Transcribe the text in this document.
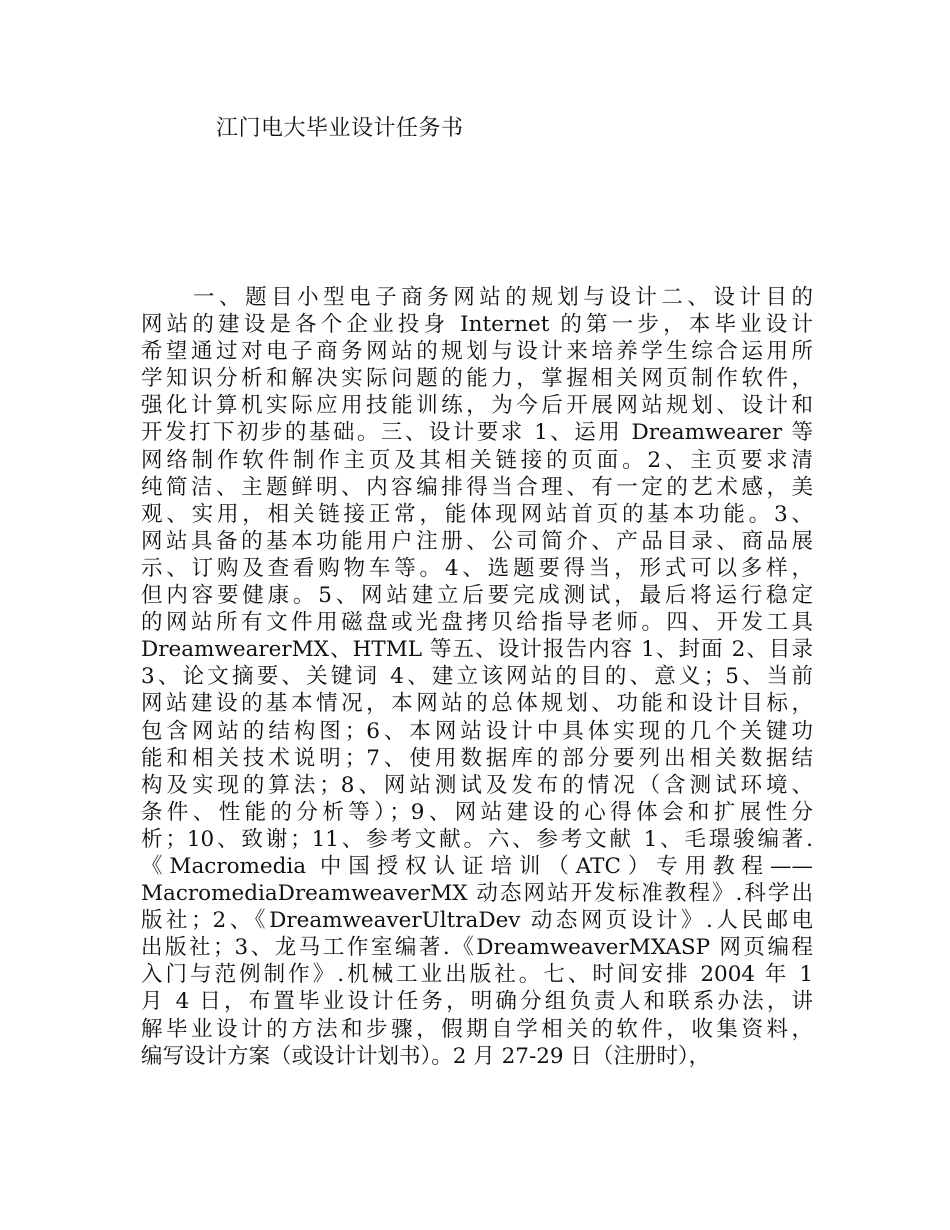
江门电大毕业设计任务书
　　一、题目小型电子商务网站的规划与设计二、设计目的
网站的建设是各个企业投身 Internet 的第一步，本毕业设计
希望通过对电子商务网站的规划与设计来培养学生综合运用所
学知识分析和解决实际问题的能力，掌握相关网页制作软件，
强化计算机实际应用技能训练，为今后开展网站规划、设计和
开发打下初步的基础。三、设计要求 1、运用 Dreamwearer 等
网络制作软件制作主页及其相关链接的页面。2、主页要求清
纯简洁、主题鲜明、内容编排得当合理、有一定的艺术感，美
观、实用，相关链接正常，能体现网站首页的基本功能。3、
网站具备的基本功能用户注册、公司简介、产品目录、商品展
示、订购及查看购物车等。4、选题要得当，形式可以多样，
但内容要健康。5、网站建立后要完成测试，最后将运行稳定
的网站所有文件用磁盘或光盘拷贝给指导老师。四、开发工具
DreamwearerMX、HTML 等五、设计报告内容 1、封面 2、目录
3、论文摘要、关键词 4、建立该网站的目的、意义；5、当前
网站建设的基本情况，本网站的总体规划、功能和设计目标，
包含网站的结构图；6、本网站设计中具体实现的几个关键功
能和相关技术说明；7、使用数据库的部分要列出相关数据结
构及实现的算法；8、网站测试及发布的情况（含测试环境、
条件、性能的分析等）；9、网站建设的心得体会和扩展性分
析；10、致谢；11、参考文献。六、参考文献 1、毛璟骏编著.
《Macromedia 中国授权认证培训（ATC）专用教程——
MacromediaDreamweaverMX 动态网站开发标准教程》.科学出
版社；2、《DreamweaverUltraDev 动态网页设计》.人民邮电
出版社；3、龙马工作室编著.《DreamweaverMXASP 网页编程
入门与范例制作》.机械工业出版社。七、时间安排 2004 年 1
月 4 日，布置毕业设计任务，明确分组负责人和联系办法，讲
解毕业设计的方法和步骤，假期自学相关的软件，收集资料，
编写设计方案（或设计计划书）。2 月 27-29 日（注册时），
